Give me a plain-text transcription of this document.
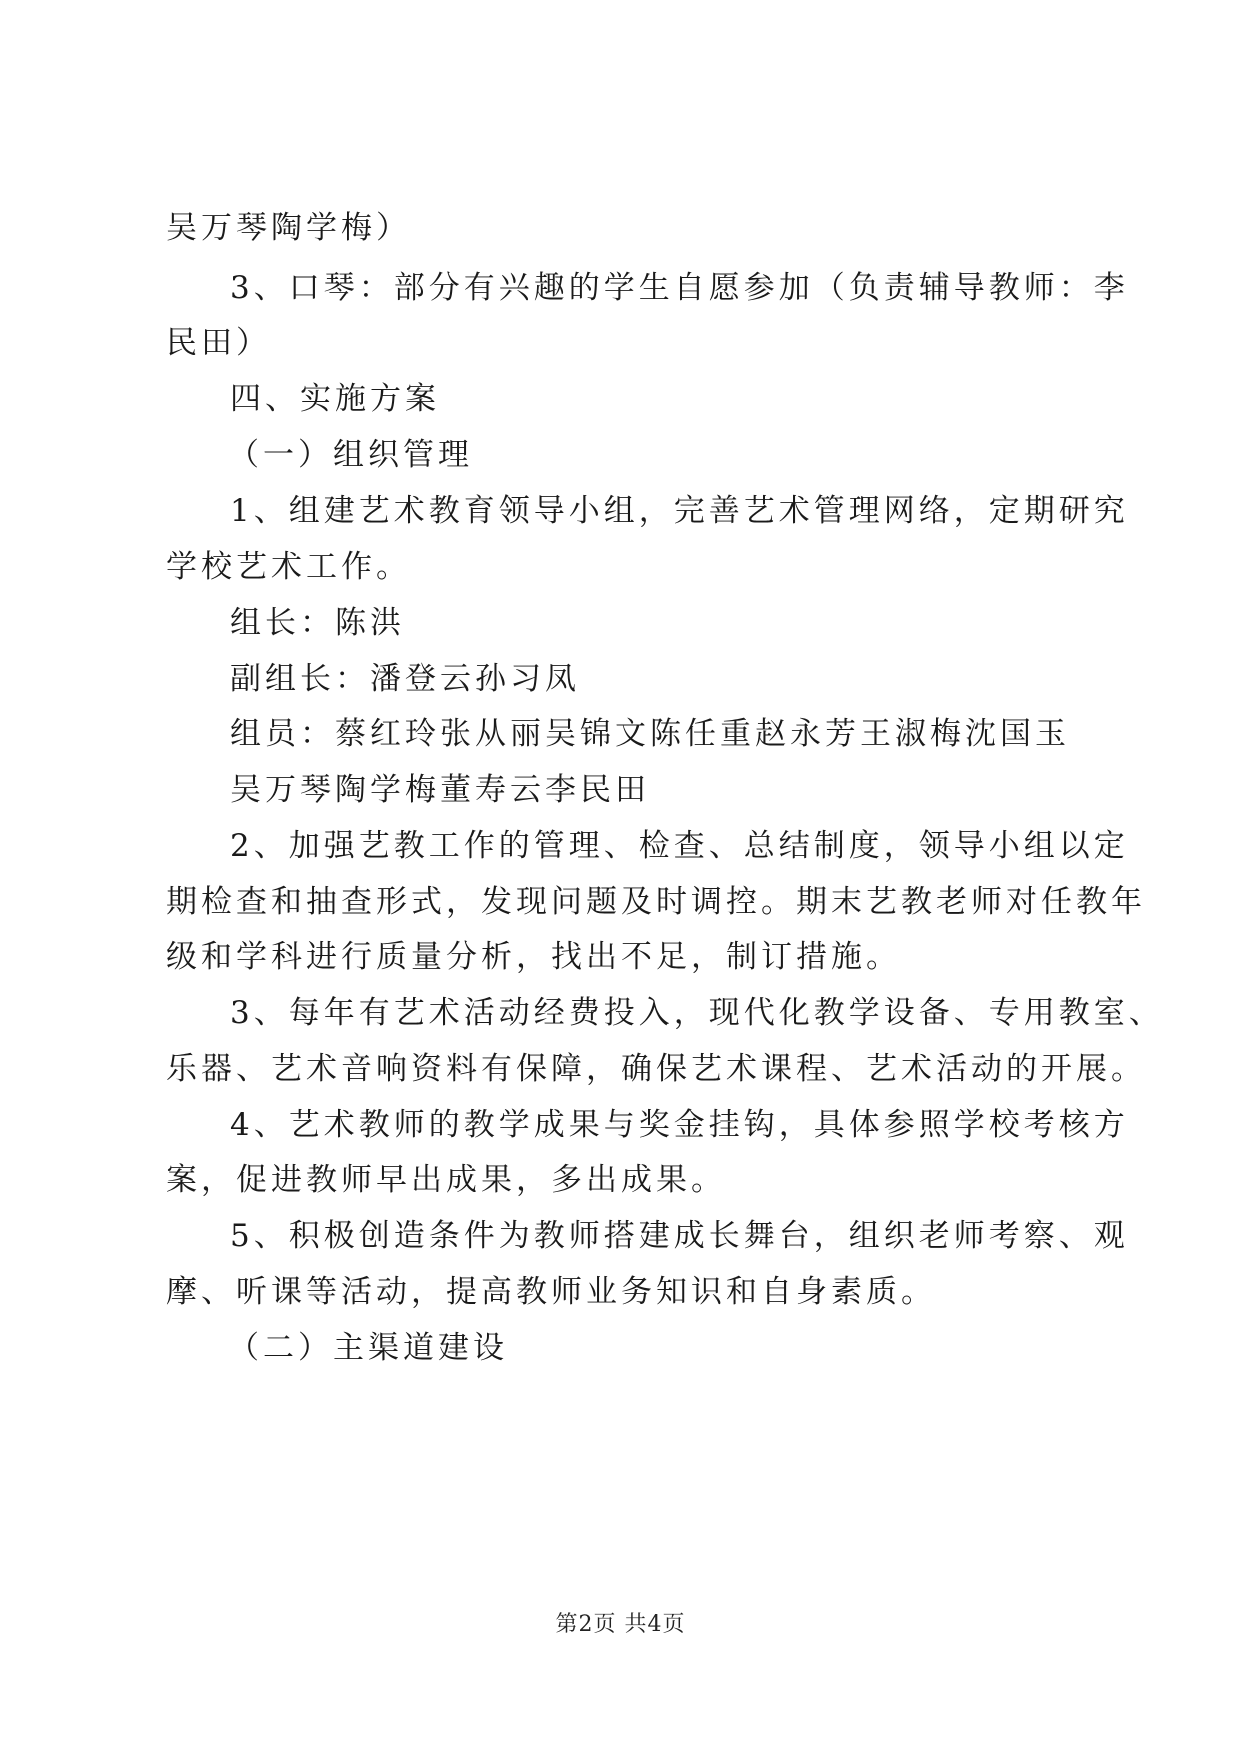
吴万琴陶学梅）
3、口琴：部分有兴趣的学生自愿参加（负责辅导教师：李
民田）
四、实施方案
（一）组织管理
1、组建艺术教育领导小组，完善艺术管理网络，定期研究
学校艺术工作。
组长：陈洪
副组长：潘登云孙习凤
组员：蔡红玲张从丽吴锦文陈任重赵永芳王淑梅沈国玉
吴万琴陶学梅董寿云李民田
2、加强艺教工作的管理、检查、总结制度，领导小组以定
期检查和抽查形式，发现问题及时调控。期末艺教老师对任教年
级和学科进行质量分析，找出不足，制订措施。
3、每年有艺术活动经费投入，现代化教学设备、专用教室、
乐器、艺术音响资料有保障，确保艺术课程、艺术活动的开展。
4、艺术教师的教学成果与奖金挂钩，具体参照学校考核方
案，促进教师早出成果，多出成果。
5、积极创造条件为教师搭建成长舞台，组织老师考察、观
摩、听课等活动，提高教师业务知识和自身素质。
（二）主渠道建设
第2页 共4页
